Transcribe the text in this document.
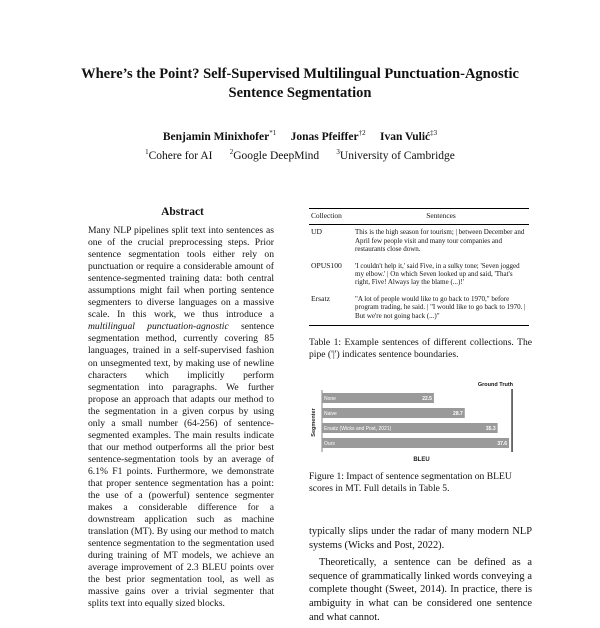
Where’s the Point? Self-Supervised Multilingual Punctuation-Agnostic
Sentence Segmentation
Benjamin Minixhofer$^{*1}$ Jonas Pfeiffer$^{\dagger 2}$ Ivan Vulić$^{\ddagger 3}$
$^1$Cohere for AI $^2$Google DeepMind $^3$University of Cambridge
Abstract

Many NLP pipelines split text into sentences as one of the crucial preprocessing steps. Prior sentence segmentation tools either rely on punctuation or require a considerable amount of sentence-segmented training data: both central assumptions might fail when porting sentence segmenters to diverse languages on a massive scale. In this work, we thus introduce a multilingual punctuation-agnostic sentence segmentation method, currently covering 85 languages, trained in a self-supervised fashion on unsegmented text, by making use of newline characters which implicitly perform segmentation into paragraphs. We further propose an approach that adapts our method to the segmentation in a given corpus by using only a small number (64-256) of sentence-segmented examples. The main results indicate that our method outperforms all the prior best sentence-segmentation tools by an average of 6.1% F1 points. Furthermore, we demonstrate that proper sentence segmentation has a point: the use of a (powerful) sentence segmenter makes a considerable difference for a downstream application such as machine translation (MT). By using our method to match sentence segmentation to the segmentation used during training of MT models, we achieve an average improvement of 2.3 BLEU points over the best prior segmentation tool, as well as massive gains over a trivial segmenter that splits text into equally sized blocks.

Collection	Sentences
UD	This is the high season for tourism; | between December and April few people visit and many tour companies and restaurants close down.
OPUS100	'I couldn't help it,' said Five, in a sulky tone; 'Seven jogged my elbow.' | On which Seven looked up and said, 'That's right, Five! Always lay the blame (...)!'
Ersatz	"A lot of people would like to go back to 1970," before program trading, he said. | "I would like to go back to 1970. | But we're not going back (...)"
Table 1: Example sentences of different collections. The pipe ('|') indicates sentence boundaries.
Segmenter
None	22.5
Naive	28.7
Ersatz (Wicks and Post, 2021)	35.3
Ours	37.6
Ground Truth
BLEU
Figure 1: Impact of sentence segmentation on BLEU scores in MT. Full details in Table 5.

typically slips under the radar of many modern NLP systems (Wicks and Post, 2022).

Theoretically, a sentence can be defined as a sequence of grammatically linked words conveying a complete thought (Sweet, 2014). In practice, there is ambiguity in what can be considered one sentence and what cannot.
